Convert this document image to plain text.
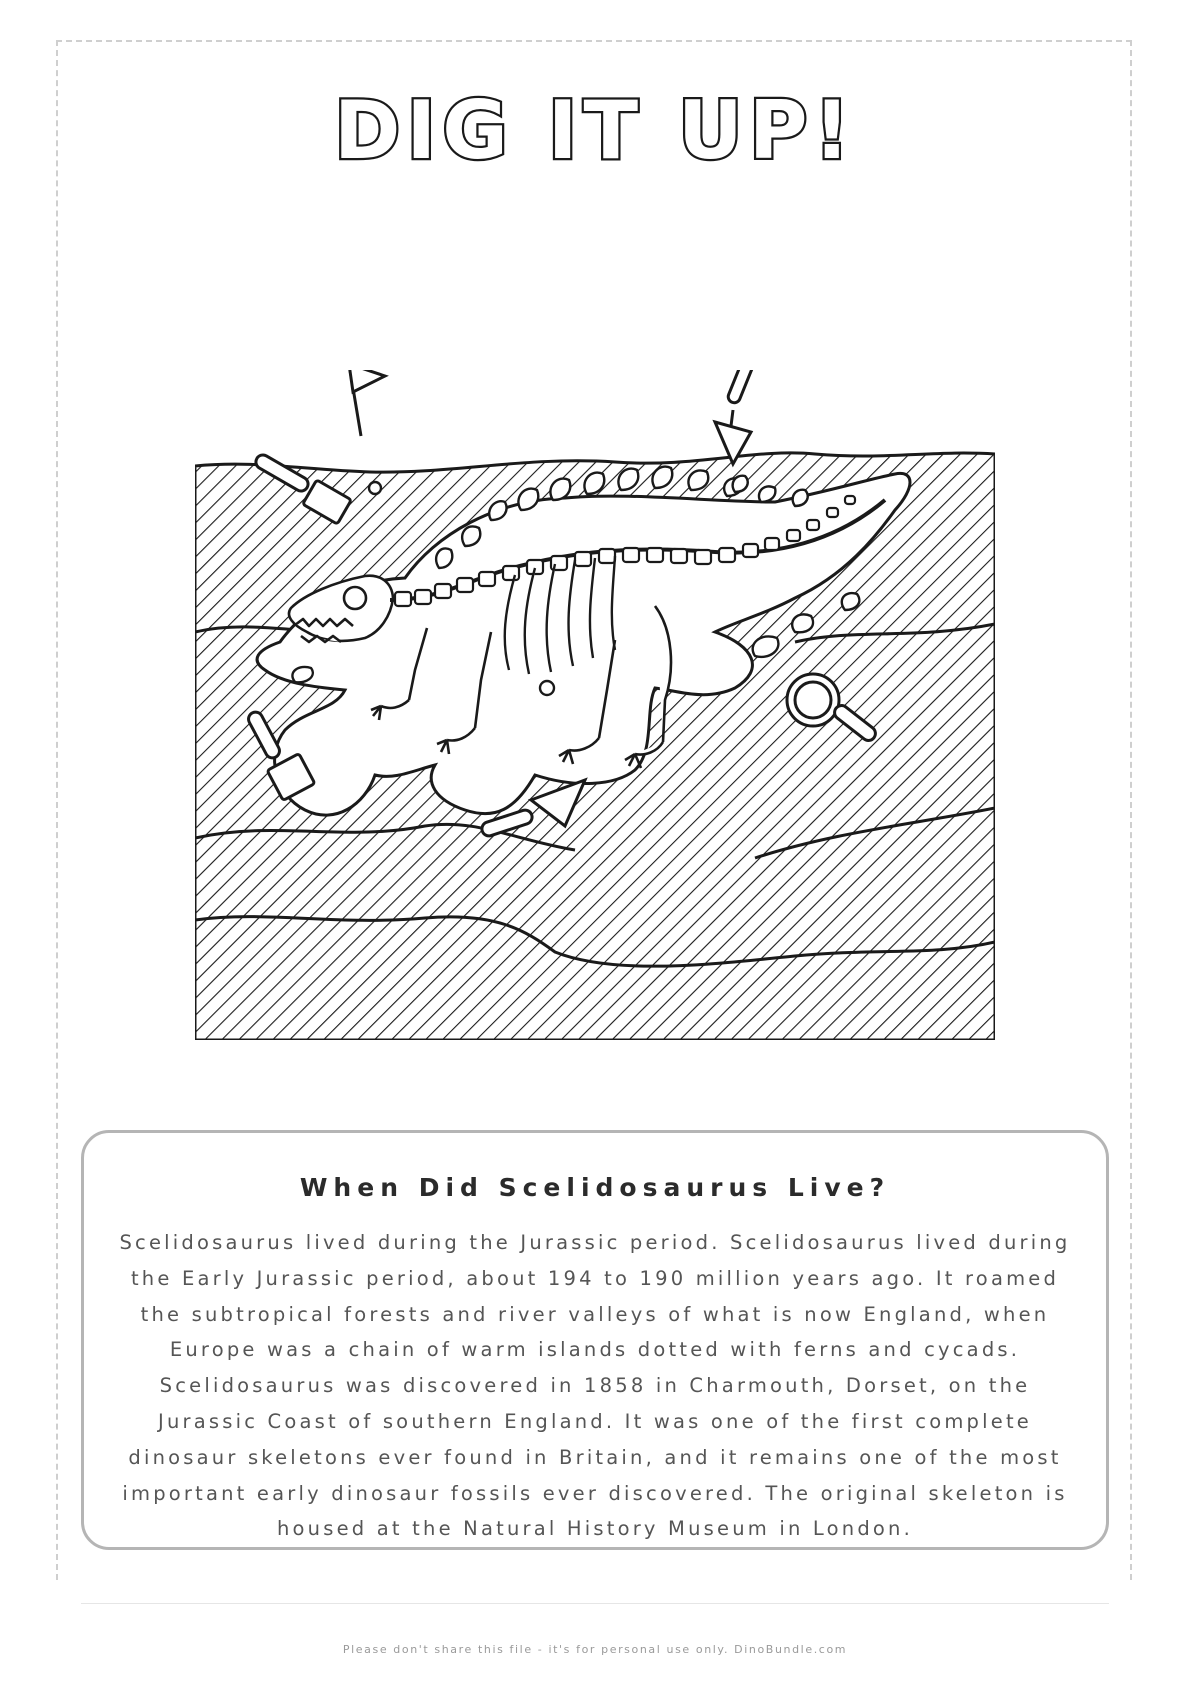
DIG IT UP!
When Did Scelidosaurus Live?

Scelidosaurus lived during the Jurassic period. Scelidosaurus lived during the Early Jurassic period, about 194 to 190 million years ago. It roamed the subtropical forests and river valleys of what is now England, when Europe was a chain of warm islands dotted with ferns and cycads. Scelidosaurus was discovered in 1858 in Charmouth, Dorset, on the Jurassic Coast of southern England. It was one of the first complete dinosaur skeletons ever found in Britain, and it remains one of the most important early dinosaur fossils ever discovered. The original skeleton is housed at the Natural History Museum in London.

Please don't share this file - it's for personal use only. DinoBundle.com
